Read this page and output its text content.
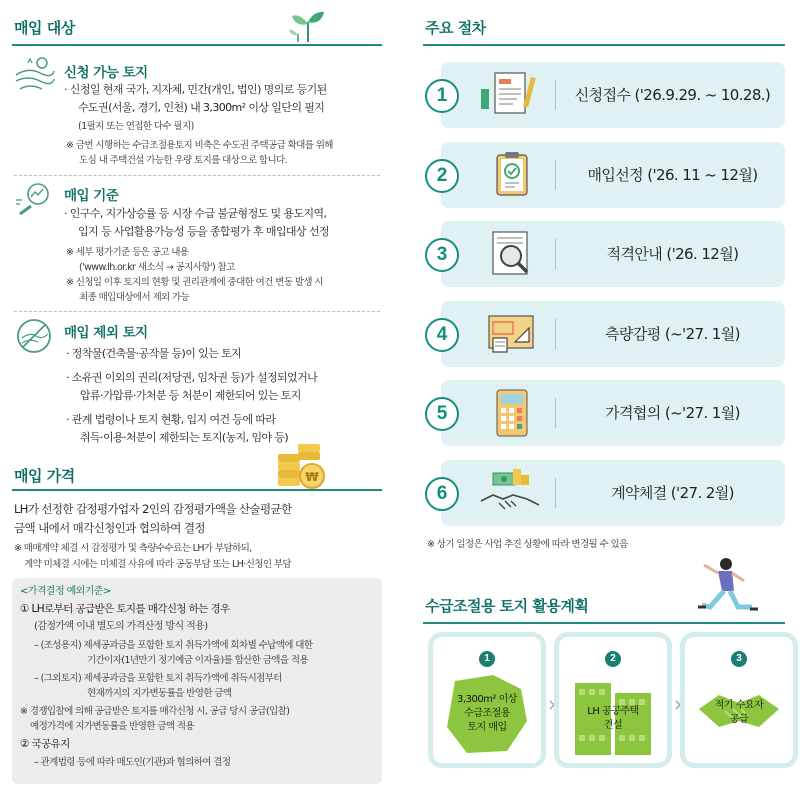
매입 대상
신청 가능 토지
· 신청일 현재 국가, 지자체, 민간(개인, 법인) 명의로 등기된
수도권(서울, 경기, 인천) 내 3,300m² 이상 일단의 필지
(1필지 또는 연접한 다수 필지)
※ 금번 시행하는 수급조절용토지 비축은 수도권 주택공급 확대를 위해
도심 내 주택건설 가능한 우량 토지를 대상으로 합니다.
매입 기준
· 인구수, 지가상승률 등 시장 수급 불균형정도 및 용도지역,
입지 등 사업활용가능성 등을 종합평가 후 매입대상 선정
※ 세부 평가기준 등은 공고 내용
('www.lh.or.kr 새소식 → 공지사항') 참고
※ 신청일 이후 토지의 현황 및 권리관계에 중대한 여건 변동 발생 시
최종 매입대상에서 제외 가능
매입 제외 토지
· 정착물(건축물·공작물 등)이 있는 토지
· 소유권 이외의 권리(저당권, 임차권 등)가 설정되었거나
압류·가압류·가처분 등 처분이 제한되어 있는 토지
· 관계 법령이나 토지 현황, 입지 여건 등에 따라
취득·이용·처분이 제한되는 토지(농지, 임야 등)
매입 가격	₩
LH가 선정한 감정평가업자 2인의 감정평가액을 산술평균한
금액 내에서 매각신청인과 협의하여 결정
※ 매매계약 체결 시 감정평가 및 측량수수료는 LH가 부담하되,
계약 미체결 시에는 미체결 사유에 따라 공동부담 또는 LH·신청인 부담
<가격결정 예외기준>
① LH로부터 공급받은 토지를 매각신청 하는 경우
(감정가액 이내 별도의 가격산정 방식 적용)
– (조성용지) 제세공과금을 포함한 토지 취득가액에 회차별 수납액에 대한
기간이자(1년만기 정기예금 이자율)를 합산한 금액을 적용
– (그외토지) 제세공과금을 포함한 토지 취득가액에 취득시점부터
현재까지의 지가변동률을 반영한 금액
※ 경쟁입찰에 의해 공급받은 토지를 매각신청 시, 공급 당시 공급(입찰)
예정가격에 지가변동률을 반영한 금액 적용
② 국공유지
– 관계법령 등에 따라 매도인(기관)과 협의하여 결정
주요 절차
1	신청접수 ('26.9.29. ~ 10.28.)
2	매입선정 ('26. 11 ~ 12월)
3	적격안내 ('26. 12월)
4	측량감평 (~'27. 1월)
5	가격협의 (~'27. 1월)
6	계약체결 ('27. 2월)
※ 상기 일정은 사업 추진 상황에 따라 변경될 수 있음
수급조절용 토지 활용계획
1
3,300m² 이상
수급조절용
토지 매입
2
LH 공공주택
건설
3
적기 수요자
공급
